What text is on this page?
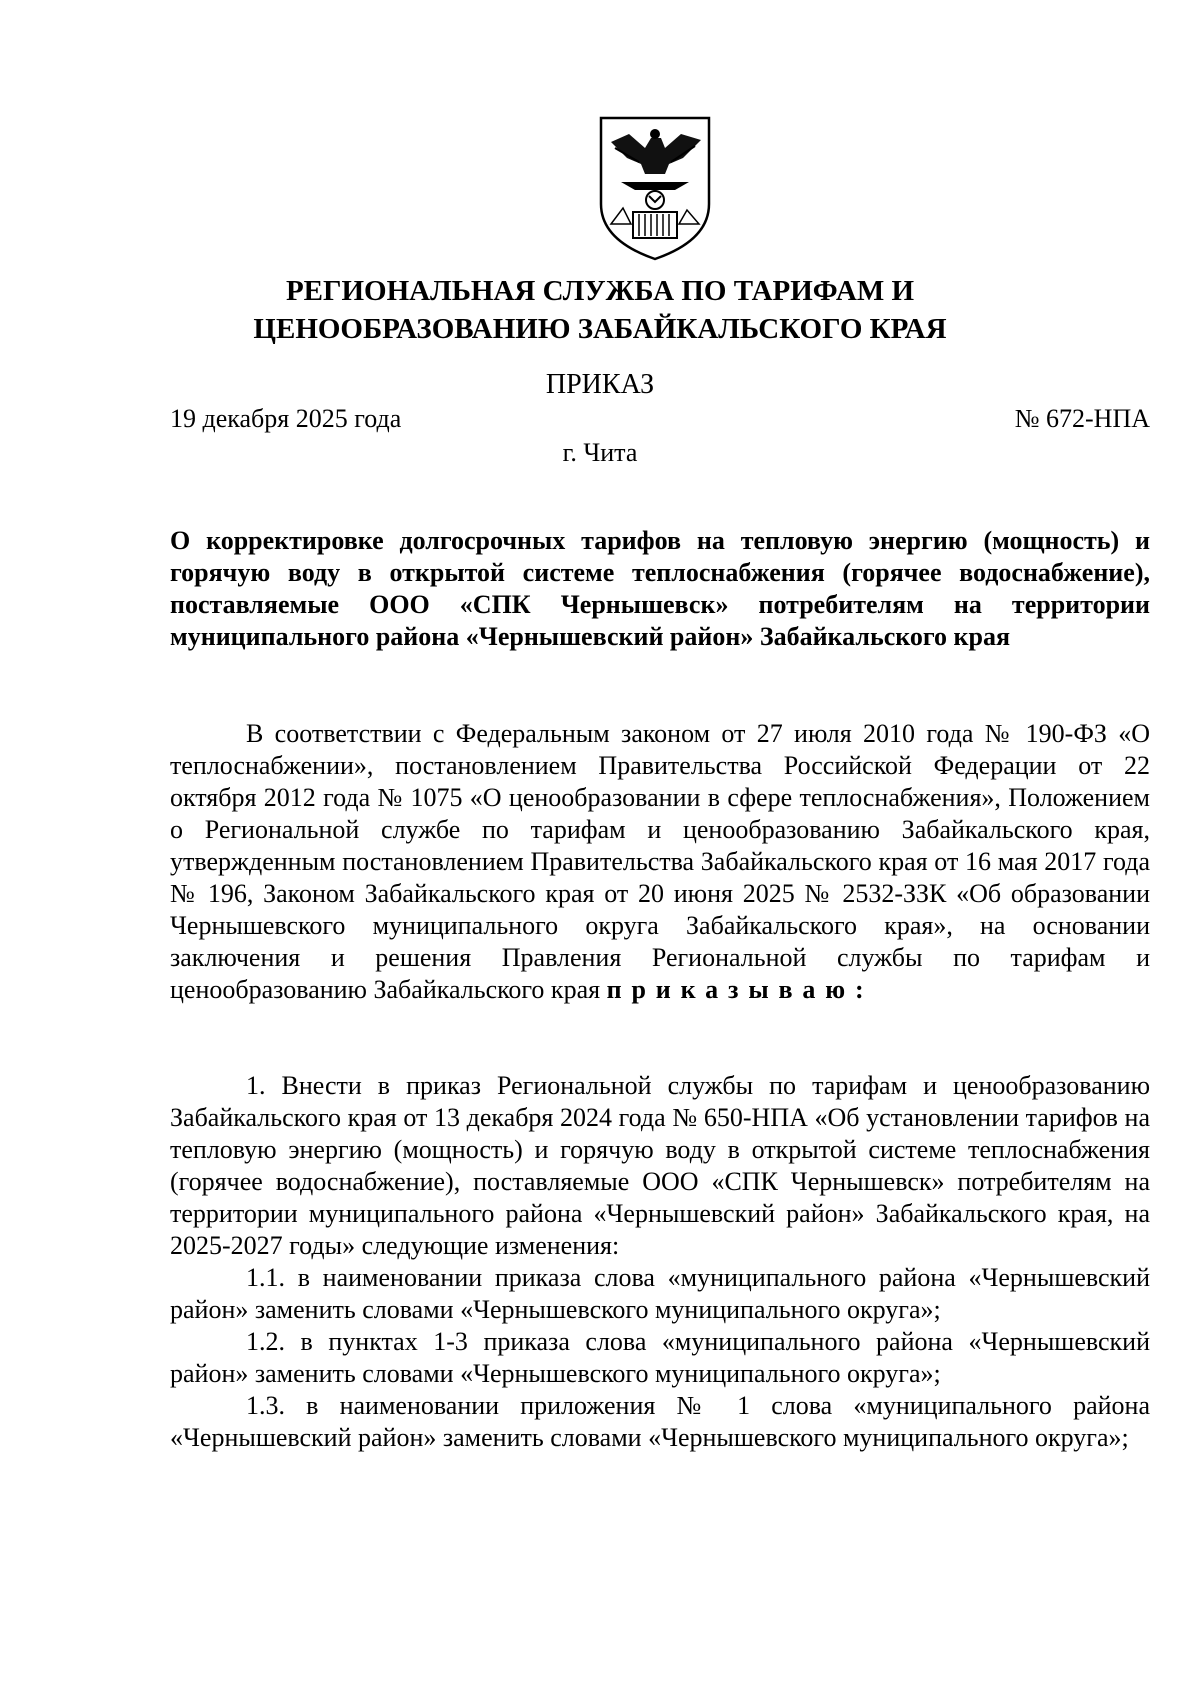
РЕГИОНАЛЬНАЯ СЛУЖБА ПО ТАРИФАМ И
ЦЕНООБРАЗОВАНИЮ ЗАБАЙКАЛЬСКОГО КРАЯ
ПРИКАЗ
19 декабря 2025 года	№ 672-НПА
г. Чита
О корректировке долгосрочных тарифов на тепловую энергию (мощность) и горячую воду в открытой системе теплоснабжения (горячее водоснабжение), поставляемые ООО «СПК Чернышевск» потребителям на территории муниципального района «Чернышевский район» Забайкальского края

В соответствии с Федеральным законом от 27 июля 2010 года № 190-ФЗ «О теплоснабжении», постановлением Правительства Российской Федерации от 22 октября 2012 года № 1075 «О ценообразовании в сфере теплоснабжения», Положением о Региональной службе по тарифам и ценообразованию Забайкальского края, утвержденным постановлением Правительства Забайкальского края от 16 мая 2017 года № 196, Законом Забайкальского края от 20 июня 2025 № 2532-ЗЗК «Об образовании Чернышевского муниципального округа Забайкальского края», на основании заключения и решения Правления Региональной службы по тарифам и ценообразованию Забайкальского края приказываю:

1. Внести в приказ Региональной службы по тарифам и ценообразованию Забайкальского края от 13 декабря 2024 года № 650-НПА «Об установлении тарифов на тепловую энергию (мощность) и горячую воду в открытой системе теплоснабжения (горячее водоснабжение), поставляемые ООО «СПК Чернышевск» потребителям на территории муниципального района «Чернышевский район» Забайкальского края, на 2025-2027 годы» следующие изменения:

1.1. в наименовании приказа слова «муниципального района «Чернышевский район» заменить словами «Чернышевского муниципального округа»;

1.2. в пунктах 1-3 приказа слова «муниципального района «Чернышевский район» заменить словами «Чернышевского муниципального округа»;

1.3. в наименовании приложения № 1 слова «муниципального района «Чернышевский район» заменить словами «Чернышевского муниципального округа»;
